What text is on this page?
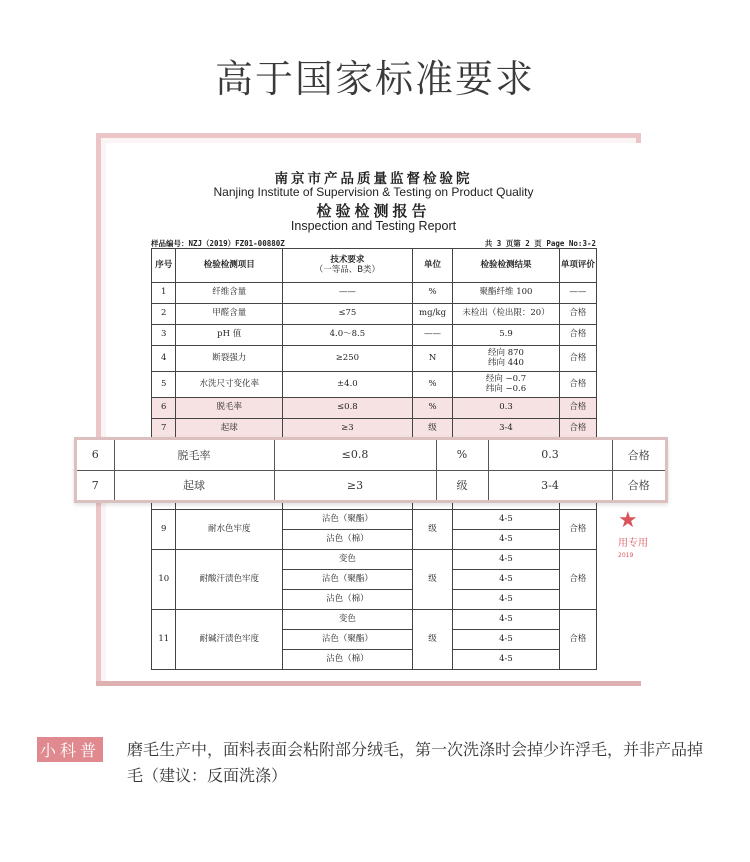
高于国家标准要求
南京市产品质量监督检验院
Nanjing Institute of Supervision & Testing on Product Quality
检验检测报告
Inspection and Testing Report
样品编号：NZJ（2019）FZ01-00880Z	共 3 页第 2 页 Page No:3-2
序号	检验检测项目	技术要求
（一等品、B类）	单位	检验检测结果	单项评价
1	纤维含量	——	%	聚酯纤维 100	——
2	甲醛含量	≤75	mg/kg	未检出（检出限：20）	合格
3	pH 值	4.0～8.5	——	5.9	合格
4	断裂强力	≥250	N	经向 870
纬向 440	合格
5	水洗尺寸变化率	±4.0	%	经向 −0.7
纬向 −0.6	合格
6	脱毛率	≤0.8	%	0.3	合格
7	起球	≥3	级	3-4	合格

9	耐水色牢度	沾色（聚酯）	级	4-5	合格
		沾色（棉）		4-5	
10	耐酸汗渍色牢度	变色	级	4-5	合格
		沾色（聚酯）		4-5	
		沾色（棉）		4-5	
11	耐碱汗渍色牢度	变色	级	4-5	合格
		沾色（聚酯）		4-5	
		沾色（棉）		4-5	
★
用专用
2019
6	脱毛率	≤0.8	%	0.3	合格
7	起球	≥3	级	3-4	合格
小科普 磨毛生产中，面料表面会粘附部分绒毛，第一次洗涤时会掉少许浮毛，并非产品掉毛（建议：反面洗涤）
